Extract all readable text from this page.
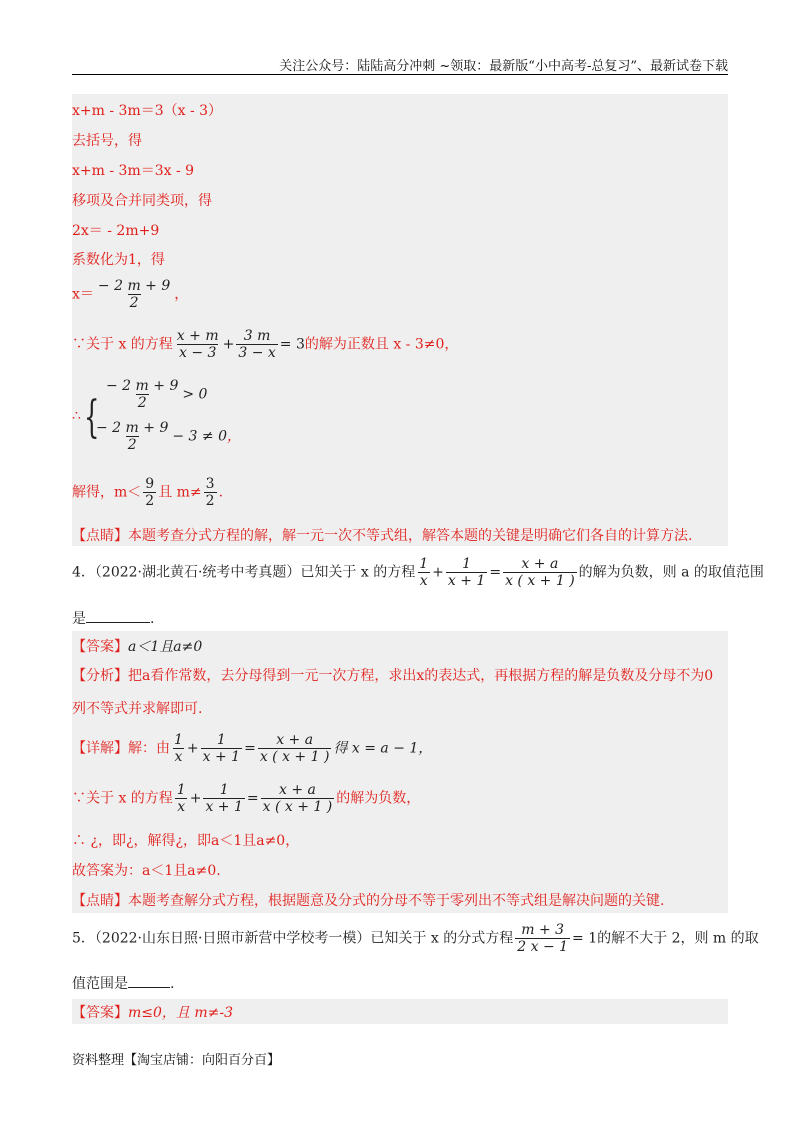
关注公众号：陆陆高分冲刺 ~领取：最新版“小中高考-总复习”、最新试卷下载
x+m - 3m＝3（x - 3）
去括号，得
x+m - 3m＝3x - 9
移项及合并同类项，得
2x＝ - 2m+9
系数化为1，得
$x= \frac{- 2 m + 9}{2}$ ，
∵关于 x 的方程 $\frac{x + m}{x - 3} + \frac{3 m}{3 - x} = 3$的解为正数且 x - 3≠0，
∴ { $\frac{- 2 m + 9}{2} > 0$
$\frac{- 2 m + 9}{2} - 3 \ne 0$，
解得，$m< \frac{9}{2}$ 且 $m\ne \frac{3}{2}$ .
【点睛】本题考查分式方程的解，解一元一次不等式组，解答本题的关键是明确它们各自的计算方法.
4．（2022·湖北黄石·统考中考真题）已知关于 x 的方程 $\frac{1}{x} + \frac{1}{x + 1} = \frac{x + a}{x ( x + 1 )}$ 的解为负数，则 a 的取值范围
是	.
【答案】a＜1且a≠0
【分析】把a看作常数，去分母得到一元一次方程，求出x的表达式，再根据方程的解是负数及分母不为0
列不等式并求解即可.
【详解】解：由 $\frac{1}{x} + \frac{1}{x + 1} = \frac{x + a}{x ( x + 1 )}$ 得 x = a − 1，
∵关于 x 的方程 $\frac{1}{x} + \frac{1}{x + 1} = \frac{x + a}{x ( x + 1 )}$ 的解为负数，
∴ ¿，即¿，解得¿，即a＜1且a≠0，
故答案为：a＜1且a≠0.
【点睛】本题考查解分式方程，根据题意及分式的分母不等于零列出不等式组是解决问题的关键.
5．（2022·山东日照·日照市新营中学校考一模）已知关于 x 的分式方程 $\frac{m + 3}{2 x - 1} = 1$的解不大于 2，则 m 的取
值范围是	.
【答案】m≤0，且 m≠-3
资料整理【淘宝店铺：向阳百分百】
